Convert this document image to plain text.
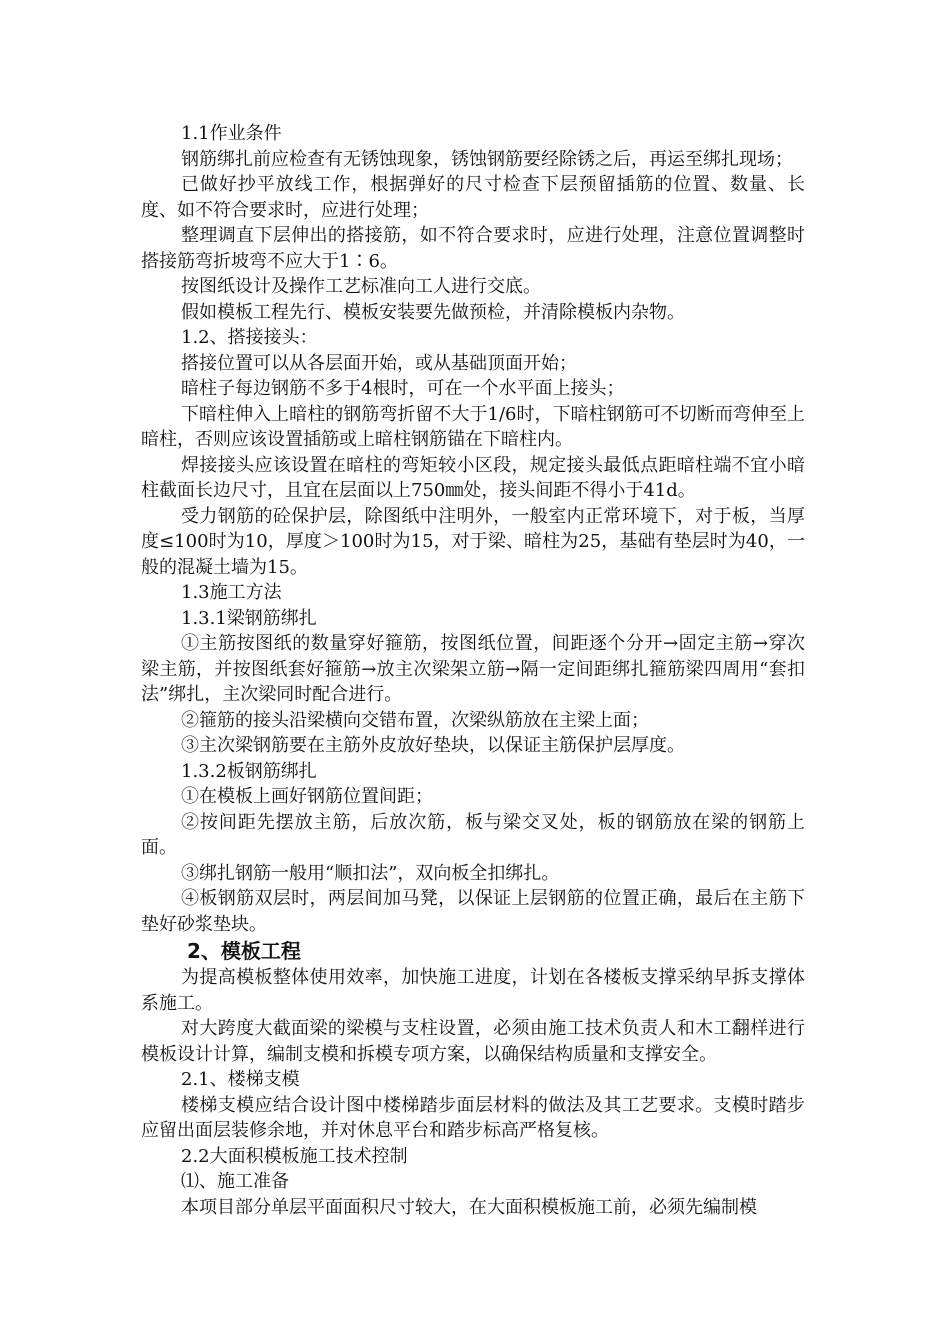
1.1作业条件

钢筋绑扎前应检查有无锈蚀现象，锈蚀钢筋要经除锈之后，再运至绑扎现场；

已做好抄平放线工作，根据弹好的尺寸检查下层预留插筋的位置、数量、长度、如不符合要求时，应进行处理；

整理调直下层伸出的搭接筋，如不符合要求时，应进行处理，注意位置调整时搭接筋弯折坡弯不应大于1∶6。

按图纸设计及操作工艺标准向工人进行交底。

假如模板工程先行、模板安装要先做预检，并清除模板内杂物。

1.2、搭接接头：

搭接位置可以从各层面开始，或从基础顶面开始；

暗柱子每边钢筋不多于4根时，可在一个水平面上接头；

下暗柱伸入上暗柱的钢筋弯折留不大于1/6时，下暗柱钢筋可不切断而弯伸至上暗柱，否则应该设置插筋或上暗柱钢筋锚在下暗柱内。

焊接接头应该设置在暗柱的弯矩较小区段，规定接头最低点距暗柱端不宜小暗柱截面长边尺寸，且宜在层面以上750㎜处，接头间距不得小于41d。

受力钢筋的砼保护层，除图纸中注明外，一般室内正常环境下，对于板，当厚度≤100时为10，厚度＞100时为15，对于梁、暗柱为25，基础有垫层时为40，一般的混凝土墙为15。

1.3施工方法

1.3.1梁钢筋绑扎

①主筋按图纸的数量穿好箍筋，按图纸位置，间距逐个分开→固定主筋→穿次梁主筋，并按图纸套好箍筋→放主次梁架立筋→隔一定间距绑扎箍筋梁四周用“套扣法”绑扎，主次梁同时配合进行。

②箍筋的接头沿梁横向交错布置，次梁纵筋放在主梁上面；

③主次梁钢筋要在主筋外皮放好垫块，以保证主筋保护层厚度。

1.3.2板钢筋绑扎

①在模板上画好钢筋位置间距；

②按间距先摆放主筋，后放次筋，板与梁交叉处，板的钢筋放在梁的钢筋上面。

③绑扎钢筋一般用“顺扣法”，双向板全扣绑扎。

④板钢筋双层时，两层间加马凳，以保证上层钢筋的位置正确，最后在主筋下垫好砂浆垫块。

2、模板工程

为提高模板整体使用效率，加快施工进度，计划在各楼板支撑采纳早拆支撑体系施工。

对大跨度大截面梁的梁模与支柱设置，必须由施工技术负责人和木工翻样进行模板设计计算，编制支模和拆模专项方案，以确保结构质量和支撑安全。

2.1、楼梯支模

楼梯支模应结合设计图中楼梯踏步面层材料的做法及其工艺要求。支模时踏步应留出面层装修余地，并对休息平台和踏步标高严格复核。

2.2大面积模板施工技术控制

⑴、施工准备

本项目部分单层平面面积尺寸较大，在大面积模板施工前，必须先编制模
